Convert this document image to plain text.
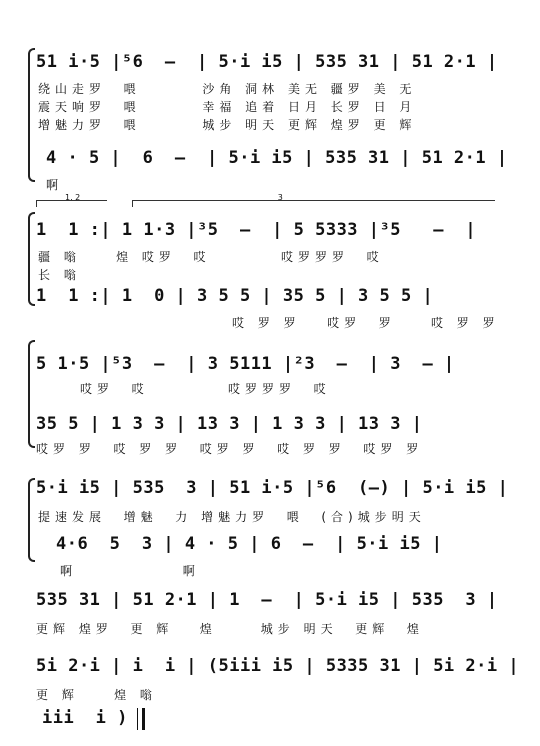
51 i·5 |⁵6  –  | 5·i i5 | 535 31 | 51 2·1 |
绕山走罗  喂       沙角 洞林 美无 疆罗 美 无
震天响罗  喂       幸福 追着 日月 长罗 日 月
增魅力罗  喂       城步 明天 更辉 煌罗 更 辉
4 · 5 |  6  –  | 5·i i5 | 535 31 | 51 2·1 |
啊
1. 2	3
1  1 :| 1 1·3 |³5  –  | 5 5333 |³5   –  |
疆 嗡    煌 哎罗  哎        哎罗罗罗  哎
长 嗡
1  1 :| 1  0 | 3 5 5 | 35 5 | 3 5 5 |
哎 罗 罗   哎罗  罗    哎 罗 罗
5 1·5 |⁵3  –  | 3 5111 |²3  –  | 3  – |
哎罗  哎         哎罗罗罗  哎
35 5 | 1 3 3 | 13 3 | 1 3 3 | 13 3 |
哎罗 罗  哎 罗 罗  哎罗 罗  哎 罗 罗  哎罗 罗
5·i i5 | 535  3 | 51 i·5 |⁵6  (–) | 5·i i5 |
提速发展  增魅  力 增魅力罗  喂  (合)城步明天
4·6  5  3 | 4 · 5 | 6  –  | 5·i i5 |
啊            啊
535 31 | 51 2·1 | 1  –  | 5·i i5 | 535  3 |
更辉 煌罗  更 辉   煌     城步 明天  更辉  煌
5i 2·i | i  i | (5iii i5 | 5335 31 | 5i 2·i |
更 辉    煌 嗡
iii  i )
